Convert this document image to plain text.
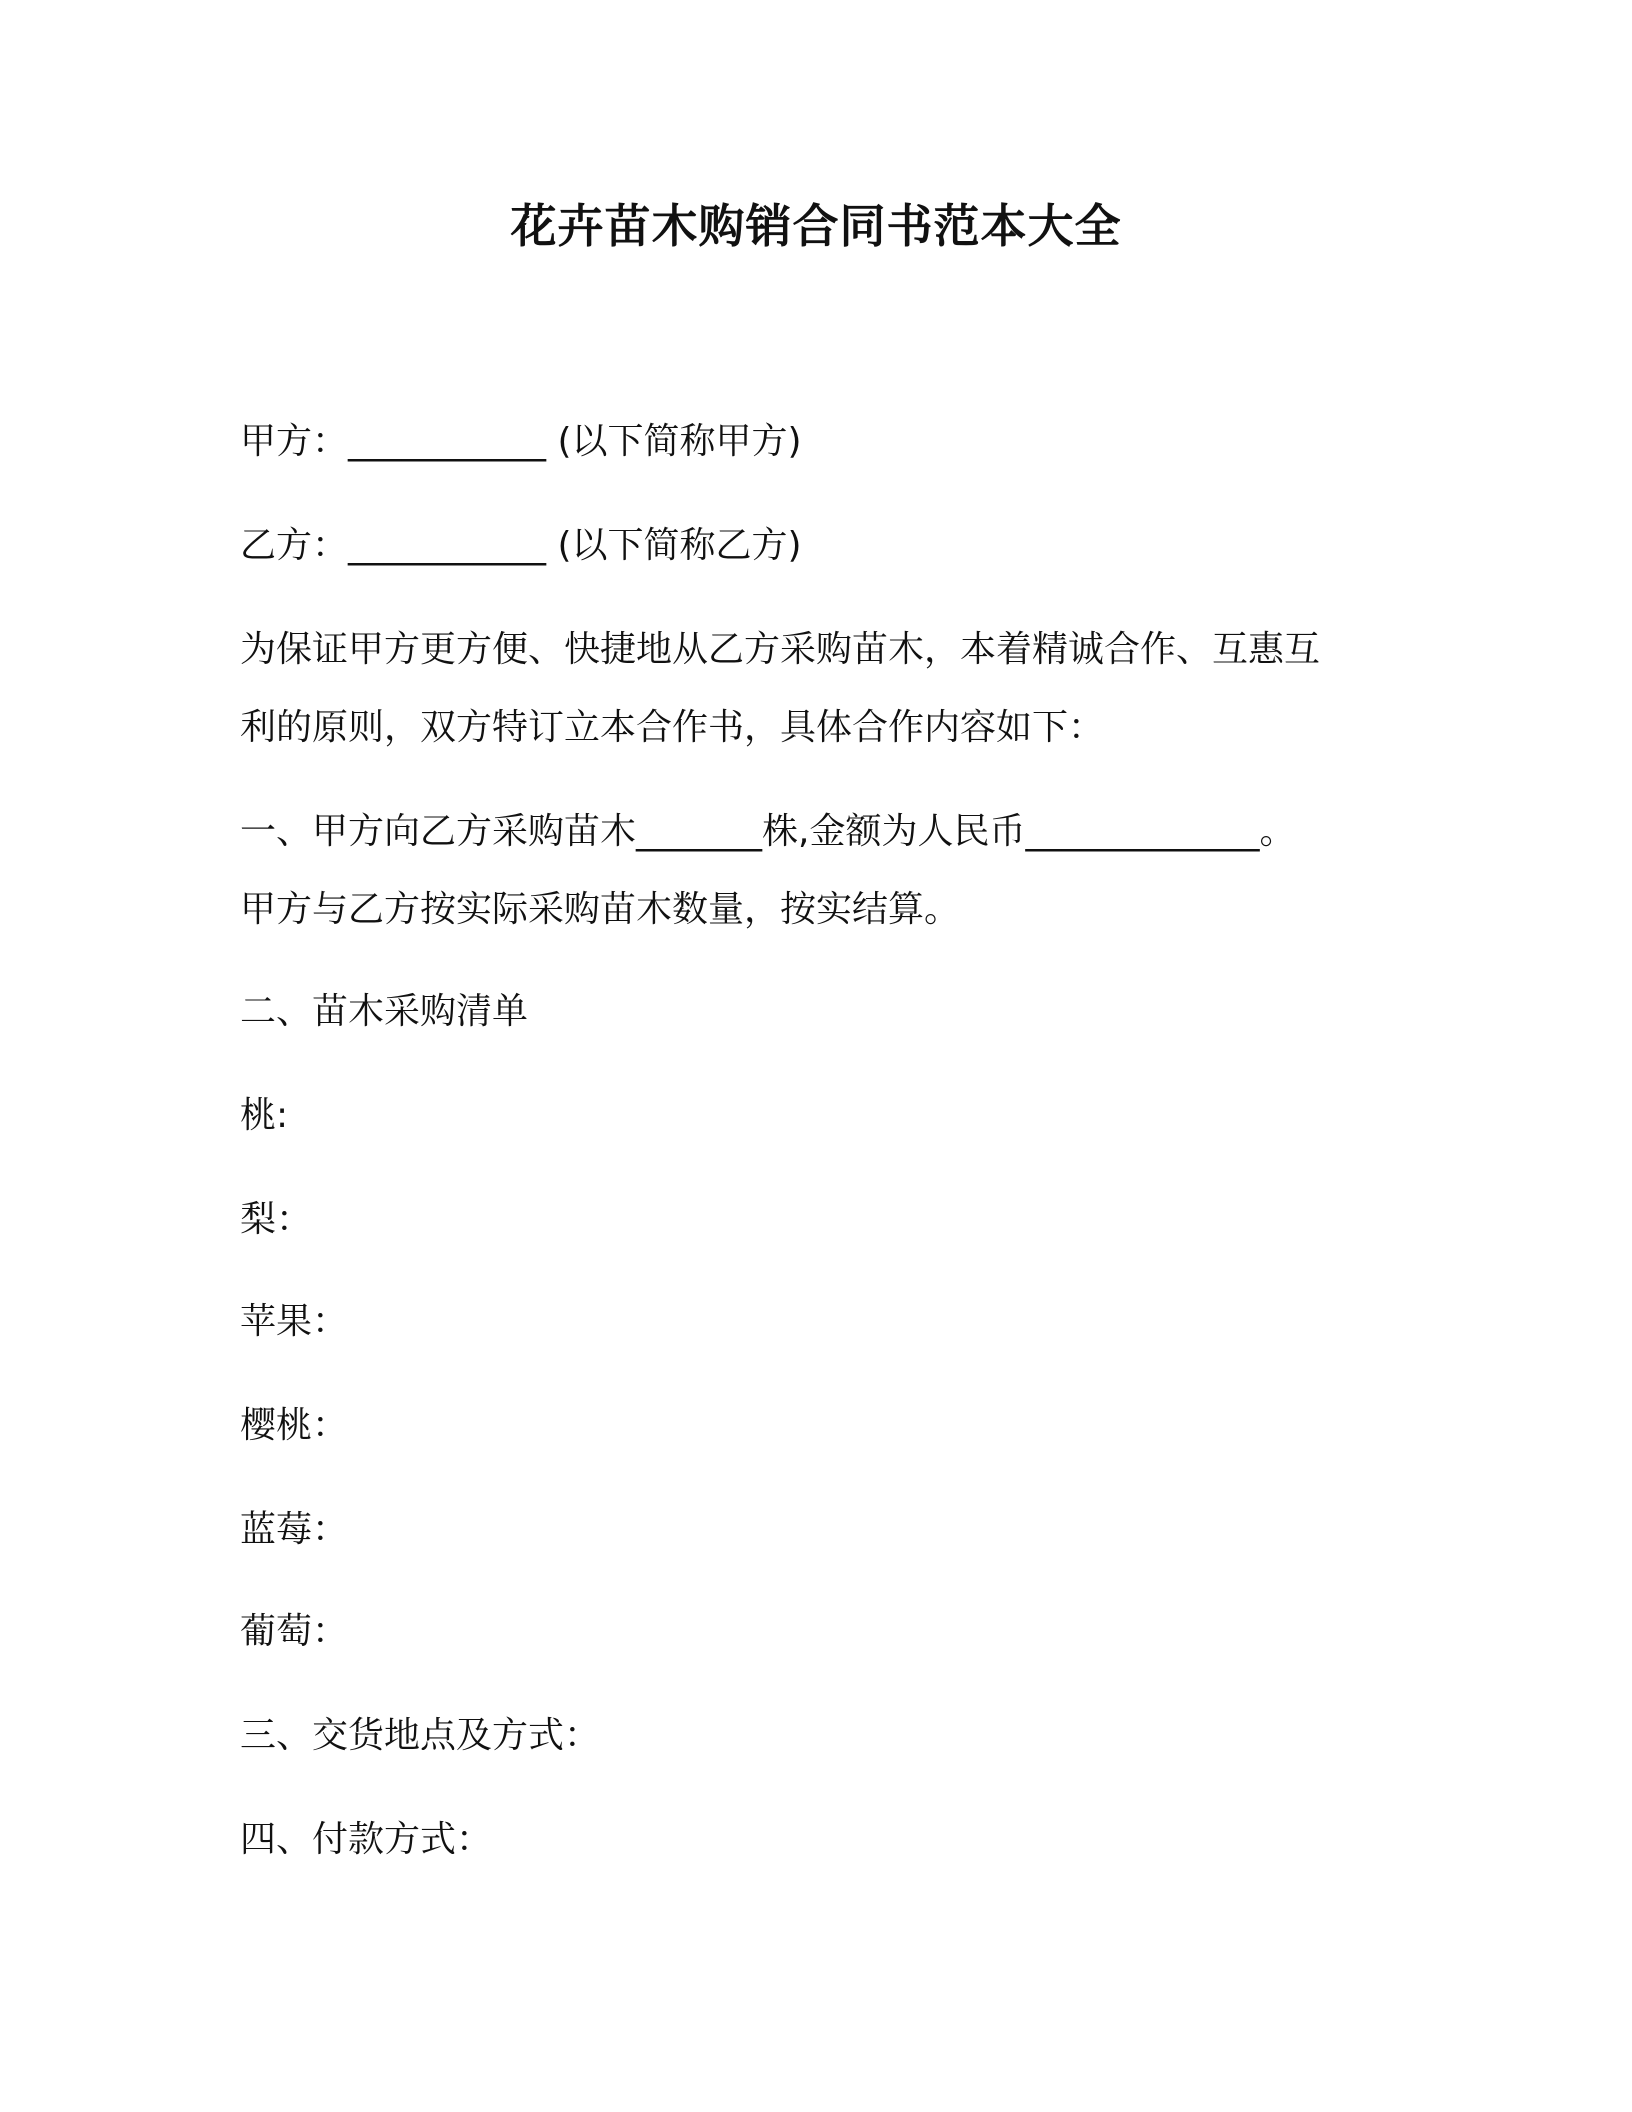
花卉苗木购销合同书范本大全
甲方：___________ (以下简称甲方)
乙方：___________ (以下简称乙方)
为保证甲方更方便、快捷地从乙方采购苗木，本着精诚合作、互惠互
利的原则，双方特订立本合作书，具体合作内容如下：
一、甲方向乙方采购苗木_______株,金额为人民币_____________。
甲方与乙方按实际采购苗木数量，按实结算。
二、苗木采购清单
桃:
梨：
苹果：
樱桃：
蓝莓：
葡萄：
三、交货地点及方式：
四、付款方式：
